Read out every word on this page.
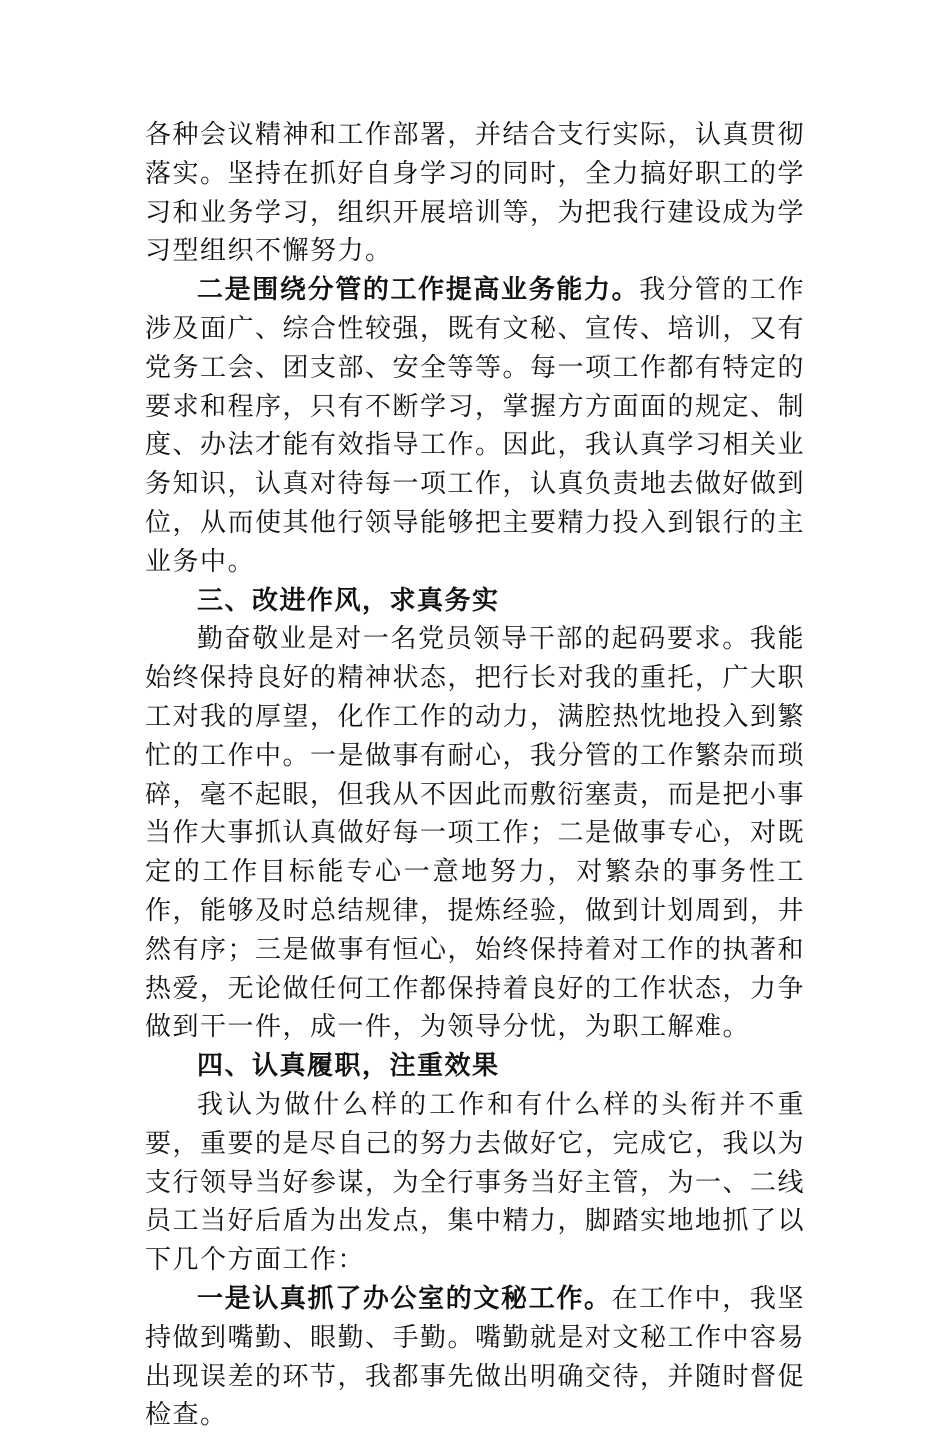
各种会议精神和工作部署，并结合支行实际，认真贯彻落实。坚持在抓好自身学习的同时，全力搞好职工的学习和业务学习，组织开展培训等，为把我行建设成为学习型组织不懈努力。

二是围绕分管的工作提高业务能力。我分管的工作涉及面广、综合性较强，既有文秘、宣传、培训，又有党务工会、团支部、安全等等。每一项工作都有特定的要求和程序，只有不断学习，掌握方方面面的规定、制度、办法才能有效指导工作。因此，我认真学习相关业务知识，认真对待每一项工作，认真负责地去做好做到位，从而使其他行领导能够把主要精力投入到银行的主业务中。

三、改进作风，求真务实

勤奋敬业是对一名党员领导干部的起码要求。我能始终保持良好的精神状态，把行长对我的重托，广大职工对我的厚望，化作工作的动力，满腔热忱地投入到繁忙的工作中。一是做事有耐心，我分管的工作繁杂而琐碎，毫不起眼，但我从不因此而敷衍塞责，而是把小事当作大事抓认真做好每一项工作；二是做事专心，对既定的工作目标能专心一意地努力，对繁杂的事务性工作，能够及时总结规律，提炼经验，做到计划周到，井然有序；三是做事有恒心，始终保持着对工作的执著和热爱，无论做任何工作都保持着良好的工作状态，力争做到干一件，成一件，为领导分忧，为职工解难。

四、认真履职，注重效果

我认为做什么样的工作和有什么样的头衔并不重要，重要的是尽自己的努力去做好它，完成它，我以为支行领导当好参谋，为全行事务当好主管，为一、二线员工当好后盾为出发点，集中精力，脚踏实地地抓了以下几个方面工作：

一是认真抓了办公室的文秘工作。在工作中，我坚持做到嘴勤、眼勤、手勤。嘴勤就是对文秘工作中容易出现误差的环节，我都事先做出明确交待，并随时督促检查。
